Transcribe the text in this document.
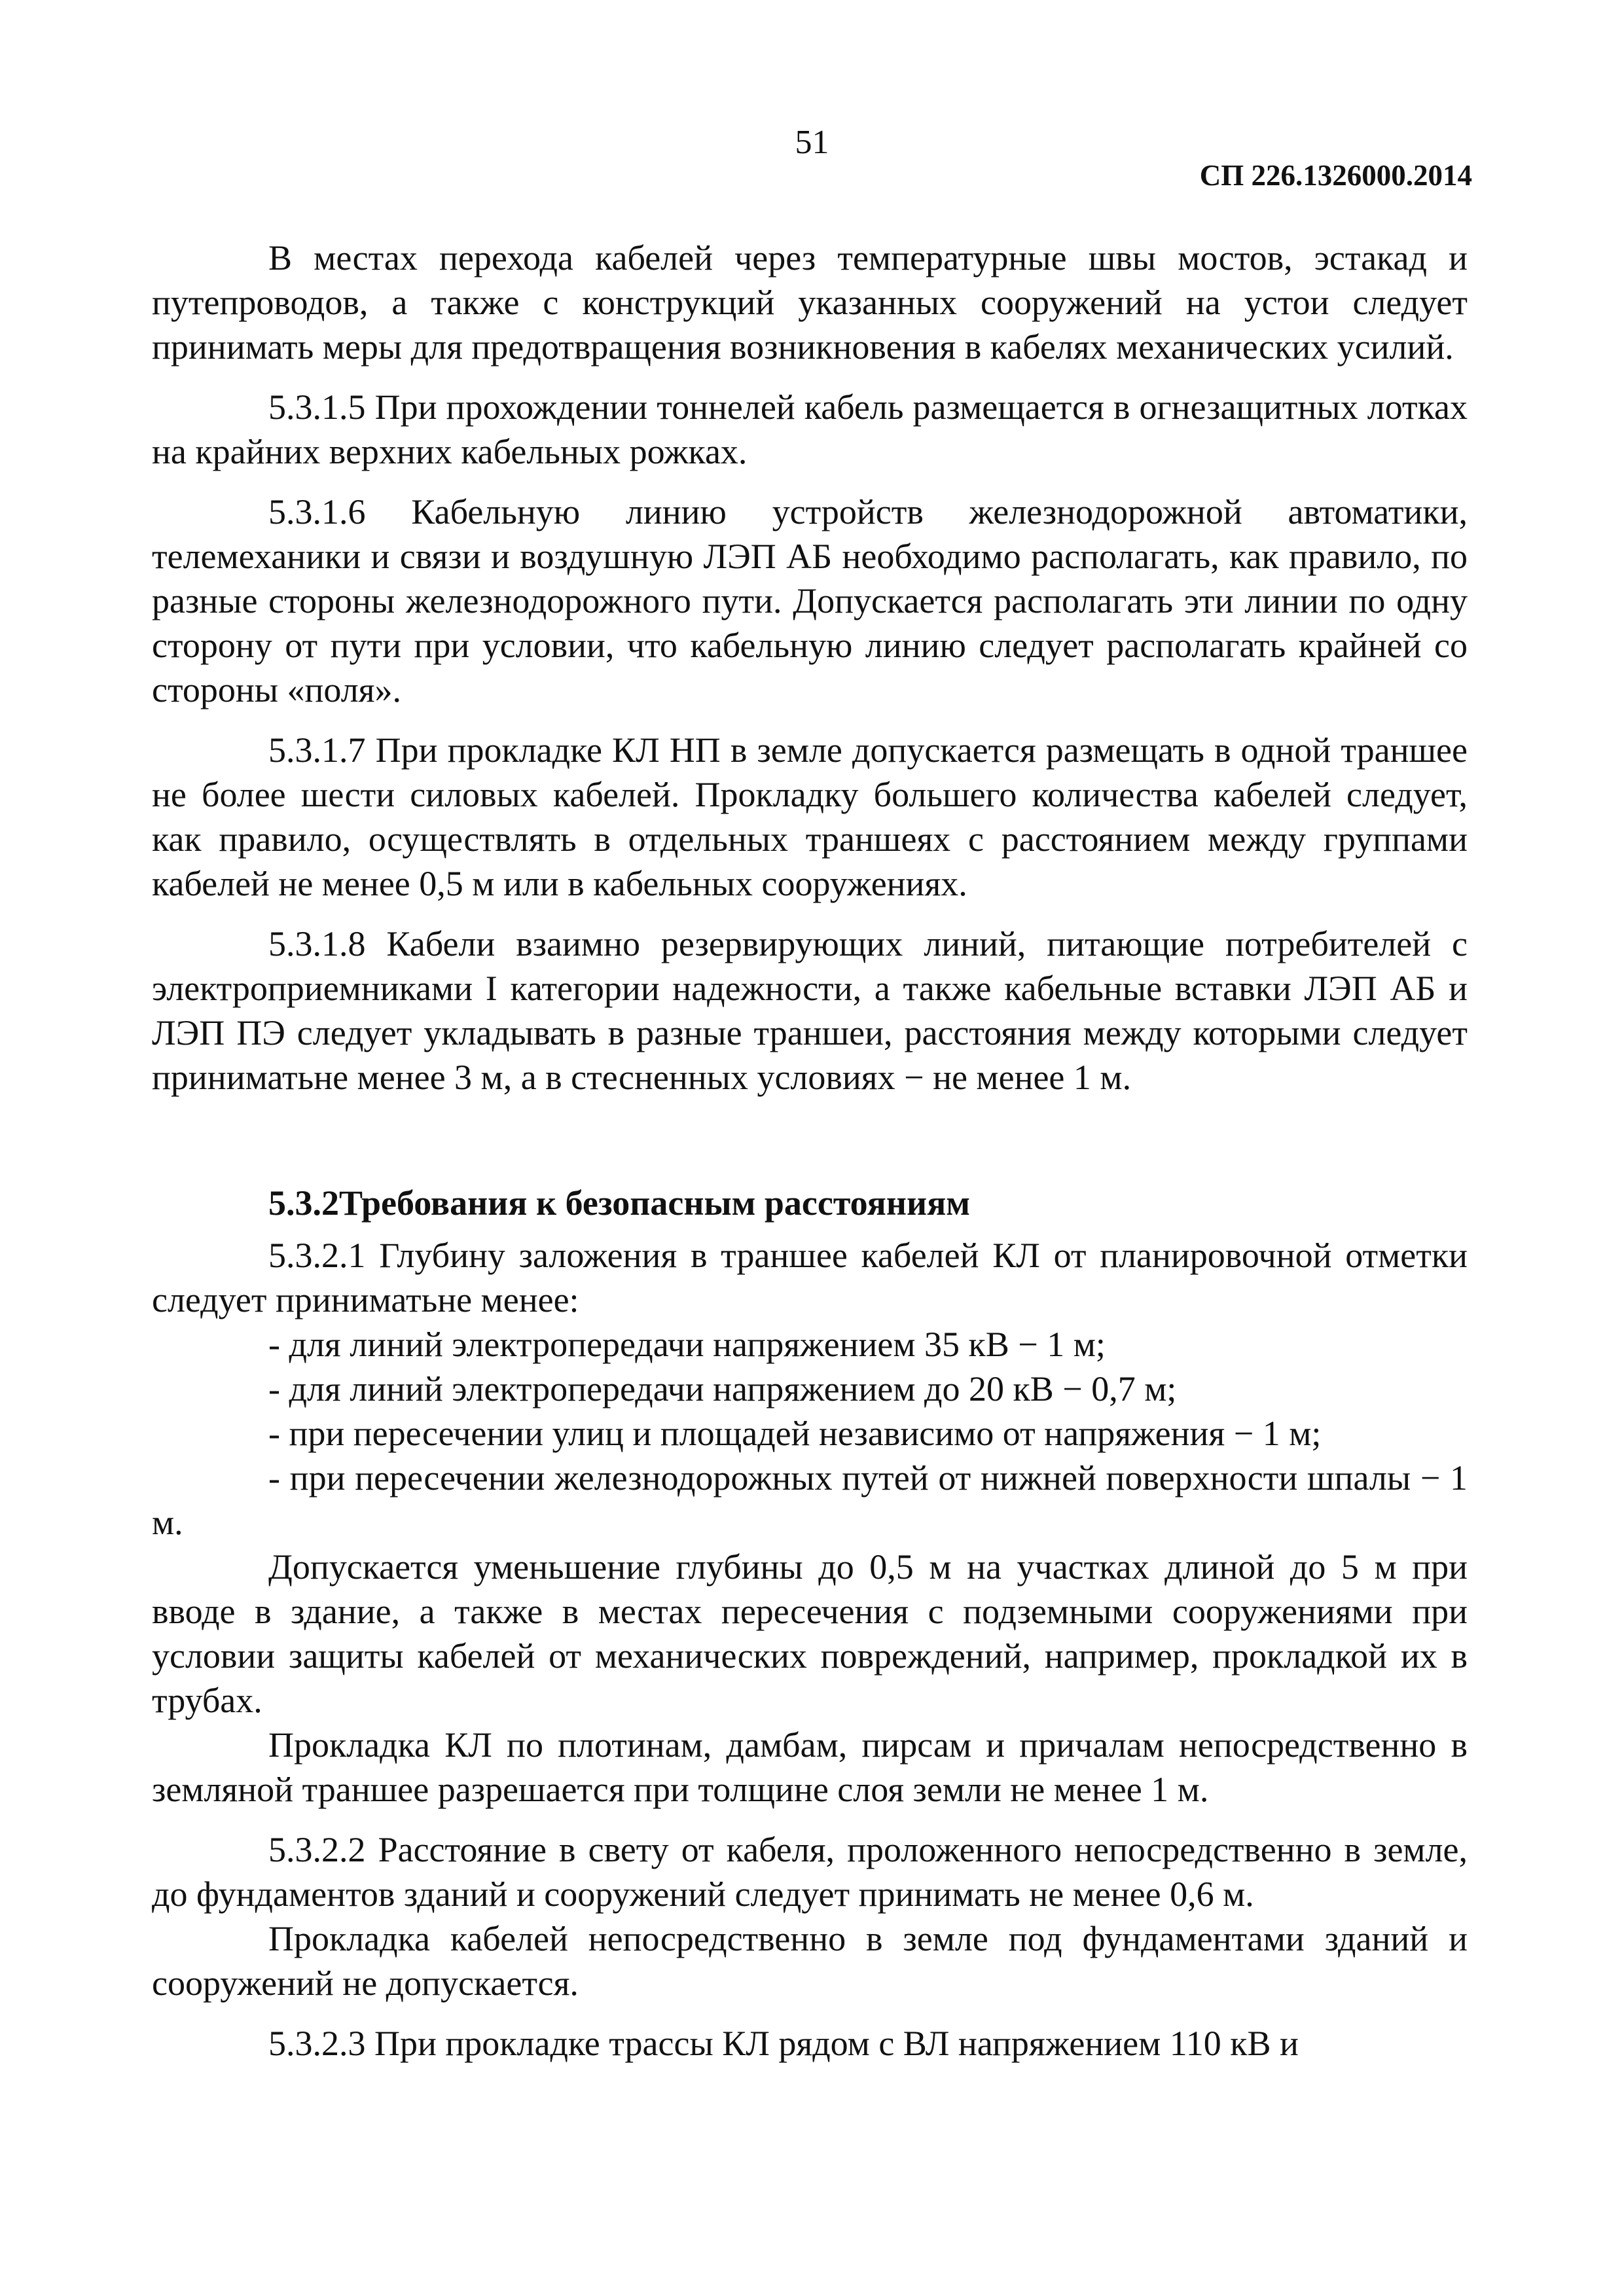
51
СП 226.1326000.2014

В местах перехода кабелей через температурные швы мостов, эстакад и путепроводов, а также с конструкций указанных сооружений на устои следует принимать меры для предотвращения возникновения в кабелях механических усилий.

5.3.1.5 При прохождении тоннелей кабель размещается в огнезащитных лотках на крайних верхних кабельных рожках.

5.3.1.6 Кабельную линию устройств железнодорожной автоматики, телемеханики и связи и воздушную ЛЭП АБ необходимо располагать, как правило, по разные стороны железнодорожного пути. Допускается располагать эти линии по одну сторону от пути при условии, что кабельную линию следует располагать крайней со стороны «поля».

5.3.1.7 При прокладке КЛ НП в земле допускается размещать в одной траншее не более шести силовых кабелей. Прокладку большего количества кабелей следует, как правило, осуществлять в отдельных траншеях с расстоянием между группами кабелей не менее 0,5 м или в кабельных сооружениях.

5.3.1.8 Кабели взаимно резервирующих линий, питающие потребителей с электроприемниками I категории надежности, а также кабельные вставки ЛЭП АБ и ЛЭП ПЭ следует укладывать в разные траншеи, расстояния между которыми следует приниматьне менее 3 м, а в стесненных условиях − не менее 1 м.

5.3.2Требования к безопасным расстояниям

5.3.2.1 Глубину заложения в траншее кабелей КЛ от планировочной отметки следует приниматьне менее:

- для линий электропередачи напряжением 35 кВ − 1 м;

- для линий электропередачи напряжением до 20 кВ − 0,7 м;

- при пересечении улиц и площадей независимо от напряжения − 1 м;

- при пересечении железнодорожных путей от нижней поверхности шпалы − 1 м.

Допускается уменьшение глубины до 0,5 м на участках длиной до 5 м при вводе в здание, а также в местах пересечения с подземными сооружениями при условии защиты кабелей от механических повреждений, например, прокладкой их в трубах.

Прокладка КЛ по плотинам, дамбам, пирсам и причалам непосредственно в земляной траншее разрешается при толщине слоя земли не менее 1 м.

5.3.2.2 Расстояние в свету от кабеля, проложенного непосредственно в земле, до фундаментов зданий и сооружений следует принимать не менее 0,6 м.

Прокладка кабелей непосредственно в земле под фундаментами зданий и сооружений не допускается.

5.3.2.3 При прокладке трассы КЛ рядом с ВЛ напряжением 110 кВ и
